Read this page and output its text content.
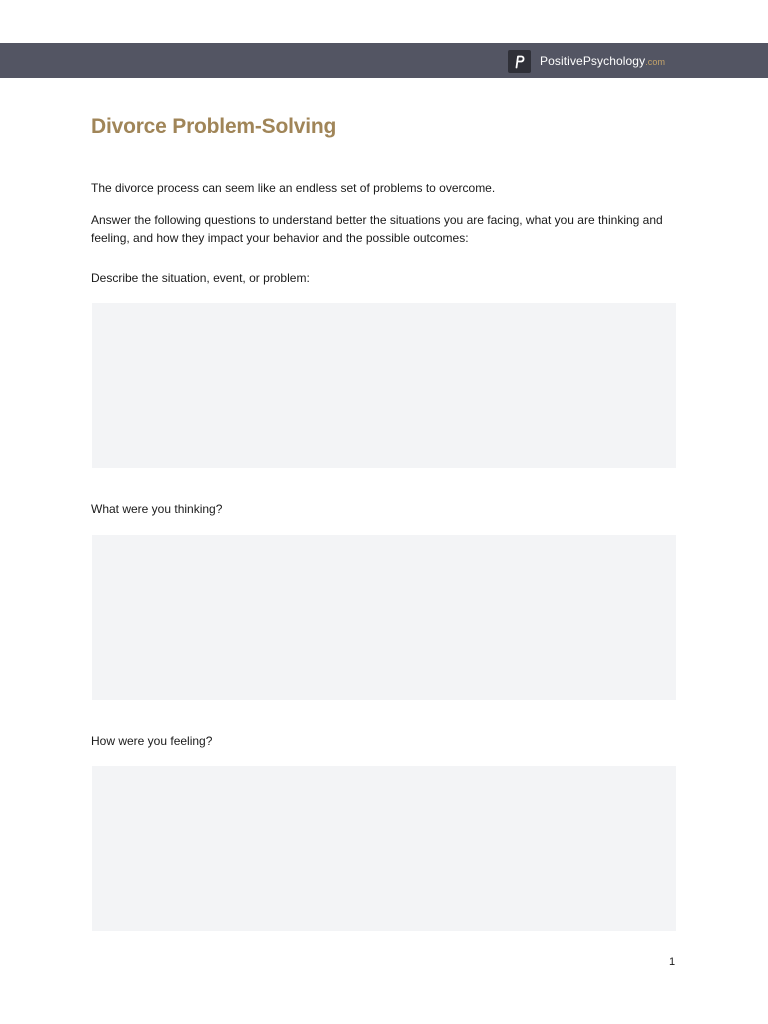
PositivePsychology.com
Divorce Problem-Solving

The divorce process can seem like an endless set of problems to overcome.

Answer the following questions to understand better the situations you are facing, what you are thinking and feeling, and how they impact your behavior and the possible outcomes:

Describe the situation, event, or problem:

What were you thinking?

How were you feeling?

1
